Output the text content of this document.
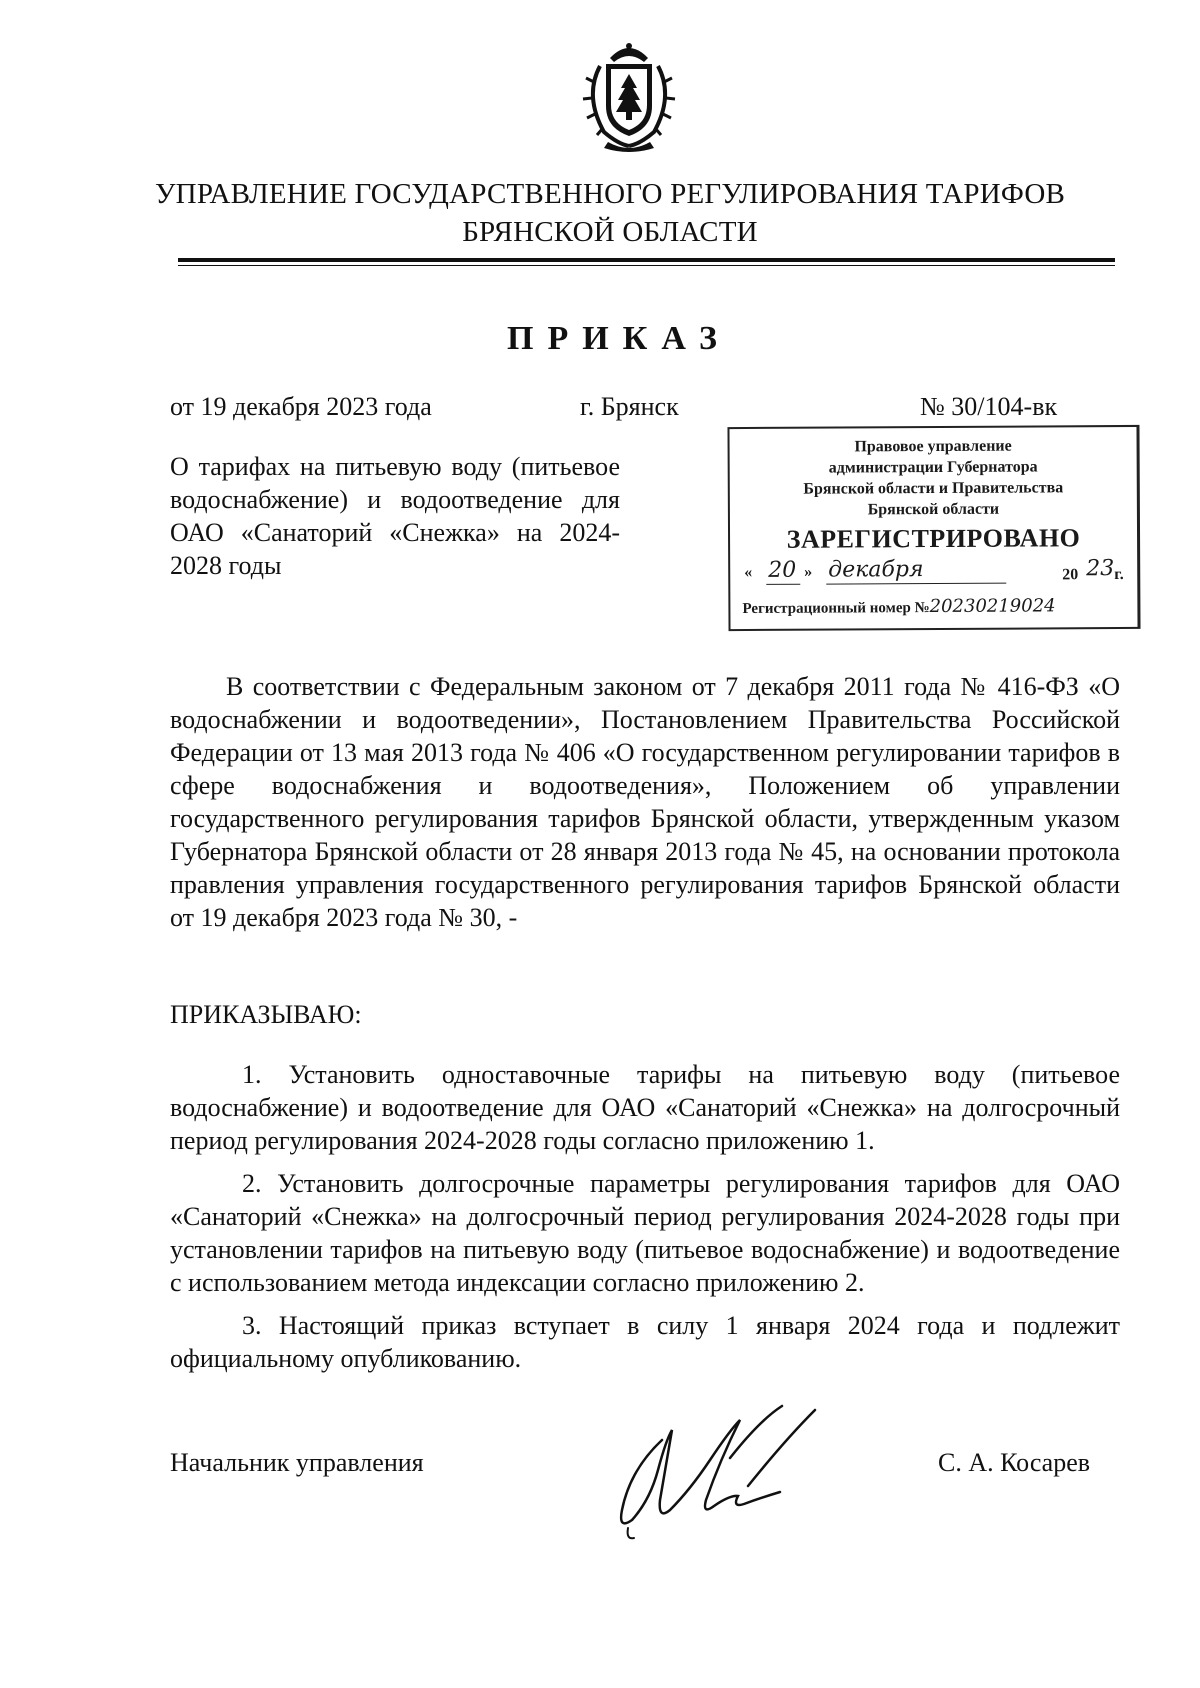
УПРАВЛЕНИЕ ГОСУДАРСТВЕННОГО РЕГУЛИРОВАНИЯ ТАРИФОВ
БРЯНСКОЙ ОБЛАСТИ
ПРИКАЗ
от 19 декабря 2023 года	г. Брянск	№ 30/104-вк
О тарифах на питьевую воду (питьевое водоснабжение) и водоотведение для ОАО «Санаторий «Снежка» на 2024-2028 годы
Правовое управление
администрации Губернатора
Брянской области и Правительства
Брянской области
ЗАРЕГИСТРИРОВАНО
« 20 » декабря	20 23 г.
Регистрационный номер №20230219024
В соответствии с Федеральным законом от 7 декабря 2011 года № 416-ФЗ «О водоснабжении и водоотведении», Постановлением Правительства Российской Федерации от 13 мая 2013 года № 406 «О государственном регулировании тарифов в сфере водоснабжения и водоотведения», Положением об управлении государственного регулирования тарифов Брянской области, утвержденным указом Губернатора Брянской области от 28 января 2013 года № 45, на основании протокола правления управления государственного регулирования тарифов Брянской области от 19 декабря 2023 года № 30, -
ПРИКАЗЫВАЮ:

1. Установить одноставочные тарифы на питьевую воду (питьевое водоснабжение) и водоотведение для ОАО «Санаторий «Снежка» на долгосрочный период регулирования 2024-2028 годы согласно приложению 1.

2. Установить долгосрочные параметры регулирования тарифов для ОАО «Санаторий «Снежка» на долгосрочный период регулирования 2024-2028 годы при установлении тарифов на питьевую воду (питьевое водоснабжение) и водоотведение с использованием метода индексации согласно приложению 2.

3. Настоящий приказ вступает в силу 1 января 2024 года и подлежит официальному опубликованию.

Начальник управления	С. А. Косарев
